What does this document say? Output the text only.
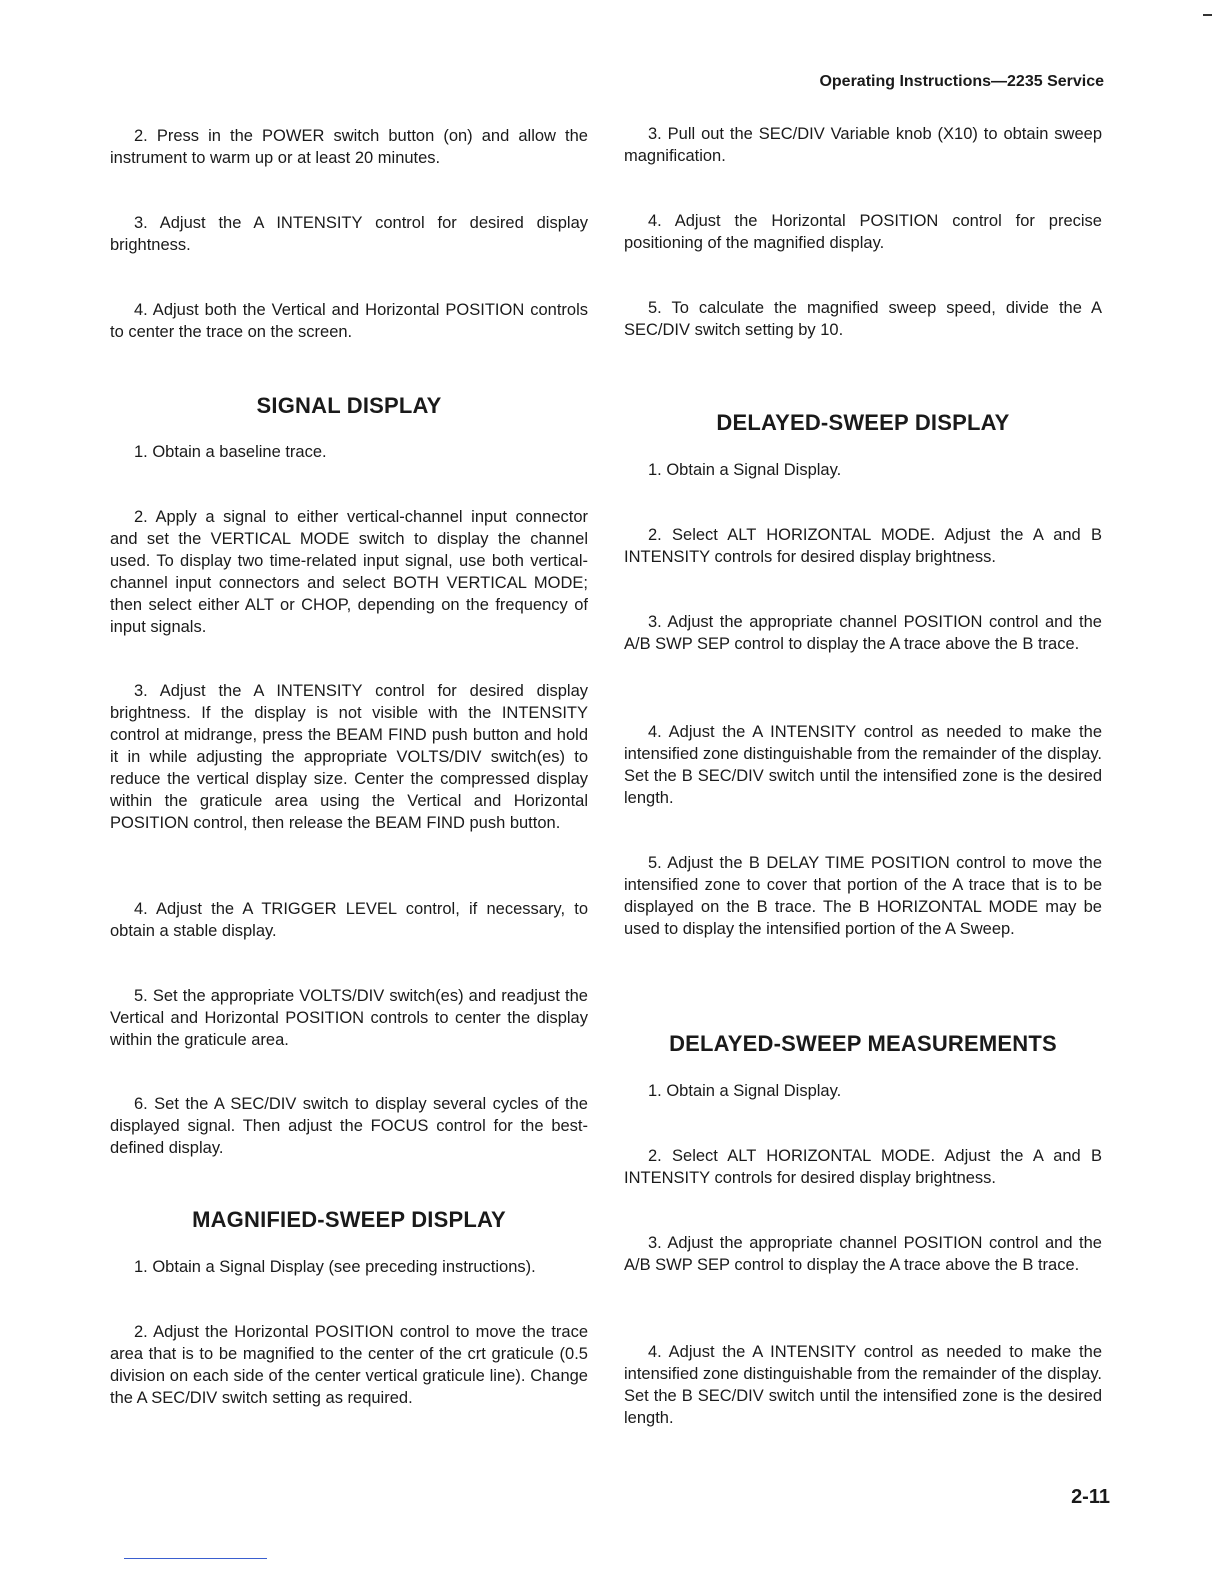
Operating Instructions—2235 Service

2. Press in the POWER switch button (on) and allow the instrument to warm up or at least 20 minutes.

3. Adjust the A INTENSITY control for desired display brightness.

4. Adjust both the Vertical and Horizontal POSITION controls to center the trace on the screen.

SIGNAL DISPLAY

1. Obtain a baseline trace.

2. Apply a signal to either vertical-channel input connector and set the VERTICAL MODE switch to display the channel used. To display two time-related input signal, use both vertical-channel input connectors and select BOTH VERTICAL MODE; then select either ALT or CHOP, depending on the frequency of input signals.

3. Adjust the A INTENSITY control for desired display brightness. If the display is not visible with the INTENSITY control at midrange, press the BEAM FIND push button and hold it in while adjusting the appropriate VOLTS/DIV switch(es) to reduce the vertical display size. Center the compressed display within the graticule area using the Vertical and Horizontal POSITION control, then release the BEAM FIND push button.

4. Adjust the A TRIGGER LEVEL control, if necessary, to obtain a stable display.

5. Set the appropriate VOLTS/DIV switch(es) and readjust the Vertical and Horizontal POSITION controls to center the display within the graticule area.

6. Set the A SEC/DIV switch to display several cycles of the displayed signal. Then adjust the FOCUS control for the best-defined display.

MAGNIFIED-SWEEP DISPLAY

1. Obtain a Signal Display (see preceding instructions).

2. Adjust the Horizontal POSITION control to move the trace area that is to be magnified to the center of the crt graticule (0.5 division on each side of the center vertical graticule line). Change the A SEC/DIV switch setting as required.

3. Pull out the SEC/DIV Variable knob (X10) to obtain sweep magnification.

4. Adjust the Horizontal POSITION control for precise positioning of the magnified display.

5. To calculate the magnified sweep speed, divide the A SEC/DIV switch setting by 10.

DELAYED-SWEEP DISPLAY

1. Obtain a Signal Display.

2. Select ALT HORIZONTAL MODE. Adjust the A and B INTENSITY controls for desired display brightness.

3. Adjust the appropriate channel POSITION control and the A/B SWP SEP control to display the A trace above the B trace.

4. Adjust the A INTENSITY control as needed to make the intensified zone distinguishable from the remainder of the display. Set the B SEC/DIV switch until the intensified zone is the desired length.

5. Adjust the B DELAY TIME POSITION control to move the intensified zone to cover that portion of the A trace that is to be displayed on the B trace. The B HORIZONTAL MODE may be used to display the intensified portion of the A Sweep.

DELAYED-SWEEP MEASUREMENTS

1. Obtain a Signal Display.

2. Select ALT HORIZONTAL MODE. Adjust the A and B INTENSITY controls for desired display brightness.

3. Adjust the appropriate channel POSITION control and the A/B SWP SEP control to display the A trace above the B trace.

4. Adjust the A INTENSITY control as needed to make the intensified zone distinguishable from the remainder of the display. Set the B SEC/DIV switch until the intensified zone is the desired length.

2-11
